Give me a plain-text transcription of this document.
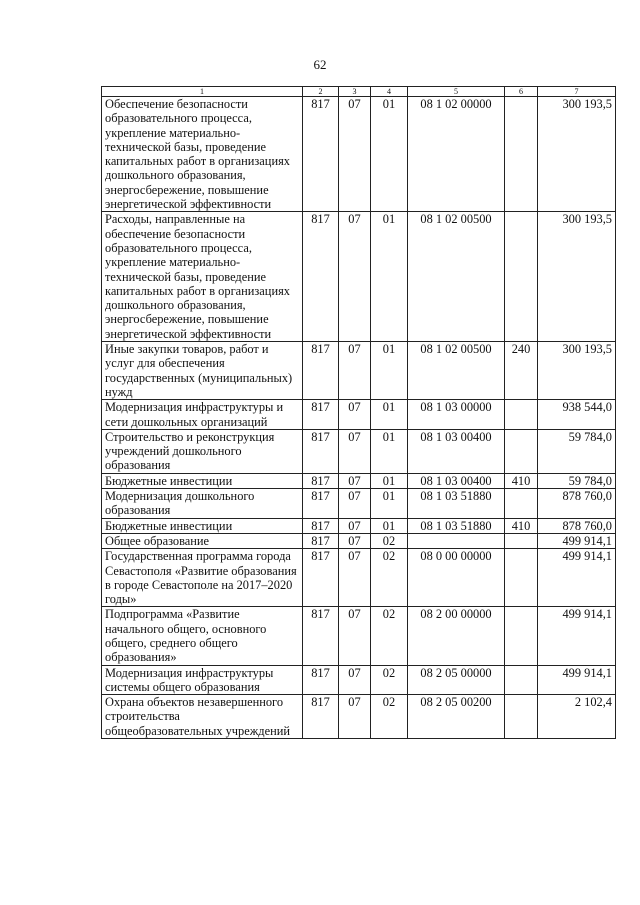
62
1	2	3	4	5	6	7
Обеспечение безопасности образовательного процесса, укрепление материально-технической базы, проведение капитальных работ в организациях дошкольного образования, энергосбережение, повышение энергетической эффективности	817	07	01	08 1 02 00000		300 193,5
Расходы, направленные на обеспечение безопасности образовательного процесса, укрепление материально-технической базы, проведение капитальных работ в организациях дошкольного образования, энергосбережение, повышение энергетической эффективности	817	07	01	08 1 02 00500		300 193,5
Иные закупки товаров, работ и услуг для обеспечения государственных (муниципальных) нужд	817	07	01	08 1 02 00500	240	300 193,5
Модернизация инфраструктуры и сети дошкольных организаций	817	07	01	08 1 03 00000		938 544,0
Строительство и реконструкция учреждений дошкольного образования	817	07	01	08 1 03 00400		59 784,0
Бюджетные инвестиции	817	07	01	08 1 03 00400	410	59 784,0
Модернизация дошкольного образования	817	07	01	08 1 03 51880		878 760,0
Бюджетные инвестиции	817	07	01	08 1 03 51880	410	878 760,0
Общее образование	817	07	02			499 914,1
Государственная программа города Севастополя «Развитие образования в городе Севастополе на 2017–2020 годы»	817	07	02	08 0 00 00000		499 914,1
Подпрограмма «Развитие начального общего, основного общего, среднего общего образования»	817	07	02	08 2 00 00000		499 914,1
Модернизация инфраструктуры системы общего образования	817	07	02	08 2 05 00000		499 914,1
Охрана объектов незавершенного строительства общеобразовательных учреждений	817	07	02	08 2 05 00200		2 102,4
